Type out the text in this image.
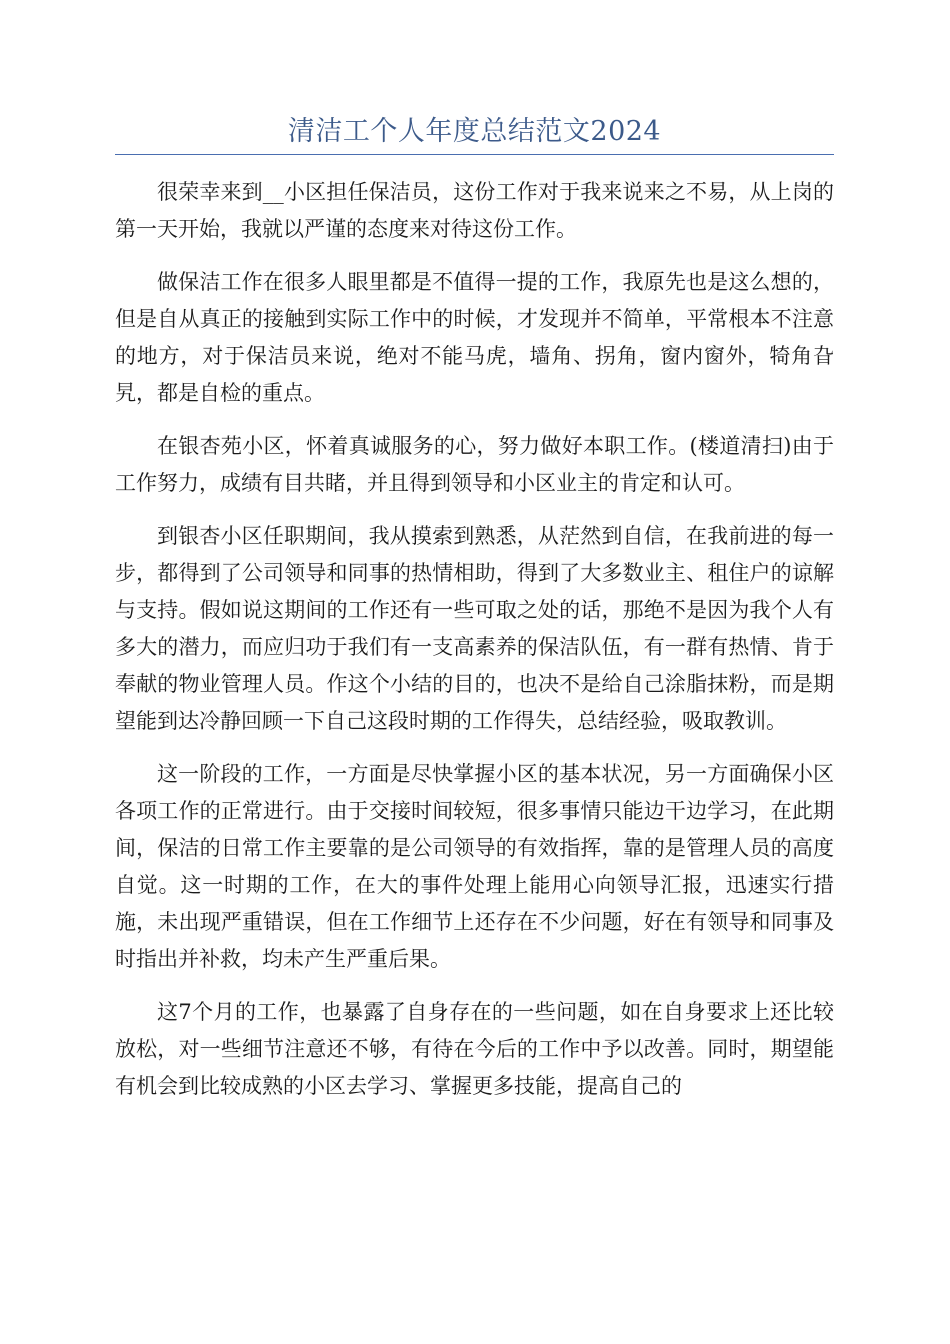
清洁工个人年度总结范文2024

很荣幸来到__小区担任保洁员，这份工作对于我来说来之不易，从上岗的第一天开始，我就以严谨的态度来对待这份工作。

做保洁工作在很多人眼里都是不值得一提的工作，我原先也是这么想的，但是自从真正的接触到实际工作中的时候，才发现并不简单，平常根本不注意的地方，对于保洁员来说，绝对不能马虎，墙角、拐角，窗内窗外，犄角旮旯，都是自检的重点。

在银杏苑小区，怀着真诚服务的心，努力做好本职工作。(楼道清扫)由于工作努力，成绩有目共睹，并且得到领导和小区业主的肯定和认可。

到银杏小区任职期间，我从摸索到熟悉，从茫然到自信，在我前进的每一步，都得到了公司领导和同事的热情相助，得到了大多数业主、租住户的谅解与支持。假如说这期间的工作还有一些可取之处的话，那绝不是因为我个人有多大的潜力，而应归功于我们有一支高素养的保洁队伍，有一群有热情、肯于奉献的物业管理人员。作这个小结的目的，也决不是给自己涂脂抹粉，而是期望能到达冷静回顾一下自己这段时期的工作得失，总结经验，吸取教训。

这一阶段的工作，一方面是尽快掌握小区的基本状况，另一方面确保小区各项工作的正常进行。由于交接时间较短，很多事情只能边干边学习，在此期间，保洁的日常工作主要靠的是公司领导的有效指挥，靠的是管理人员的高度自觉。这一时期的工作，在大的事件处理上能用心向领导汇报，迅速实行措施，未出现严重错误，但在工作细节上还存在不少问题，好在有领导和同事及时指出并补救，均未产生严重后果。

这7个月的工作，也暴露了自身存在的一些问题，如在自身要求上还比较放松，对一些细节注意还不够，有待在今后的工作中予以改善。同时，期望能有机会到比较成熟的小区去学习、掌握更多技能，提高自己的
